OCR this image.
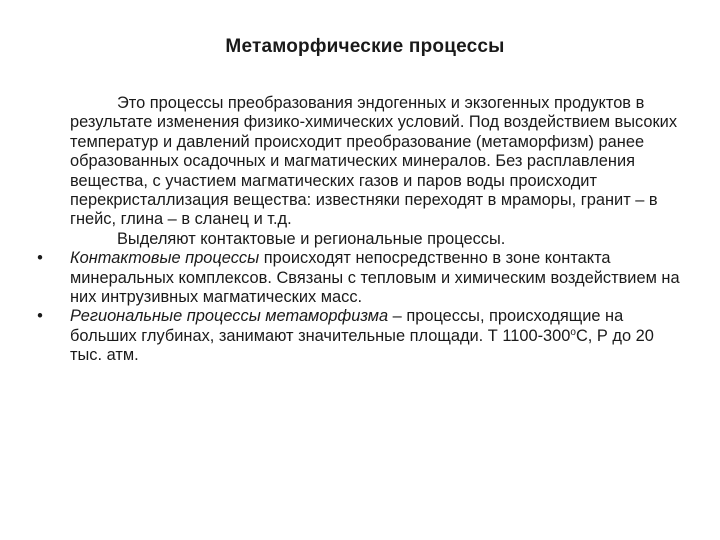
Метаморфические процессы

Это процессы преобразования эндогенных и экзогенных продуктов в результате изменения физико-химических условий. Под воздействием высоких температур и давлений происходит преобразование (метаморфизм) ранее образованных осадочных и магматических минералов. Без расплавления вещества, с участием магматических газов и паров воды происходит перекристаллизация вещества: известняки переходят в мраморы, гранит – в гнейс, глина – в сланец и т.д.

Выделяют контактовые и региональные процессы.

•	Контактовые процессы происходят непосредственно в зоне контакта минеральных комплексов. Связаны с тепловым и химическим воздействием на них интрузивных магматических масс.
•	Региональные процессы метаморфизма – процессы, происходящие на больших глубинах, занимают значительные площади. Т $1100-300^оС$, Р до 20 тыс. атм.
